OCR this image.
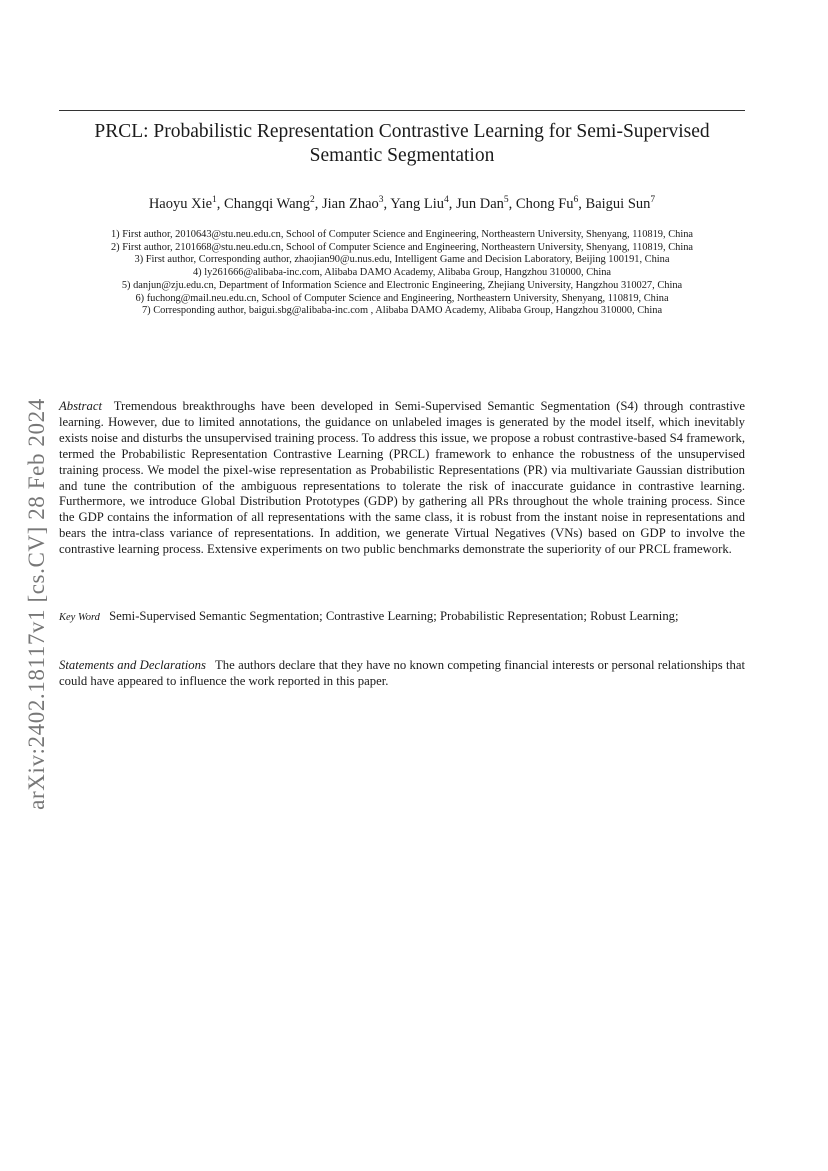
arXiv:2402.18117v1 [cs.CV] 28 Feb 2024
PRCL: Probabilistic Representation Contrastive Learning for Semi-Supervised Semantic Segmentation
Haoyu Xie$^1$, Changqi Wang$^2$, Jian Zhao$^3$, Yang Liu$^4$, Jun Dan$^5$, Chong Fu$^6$, Baigui Sun$^7$
1) First author, 2010643@stu.neu.edu.cn, School of Computer Science and Engineering, Northeastern University, Shenyang, 110819, China
2) First author, 2101668@stu.neu.edu.cn, School of Computer Science and Engineering, Northeastern University, Shenyang, 110819, China
3) First author, Corresponding author, zhaojian90@u.nus.edu, Intelligent Game and Decision Laboratory, Beijing 100191, China
4) ly261666@alibaba-inc.com, Alibaba DAMO Academy, Alibaba Group, Hangzhou 310000, China
5) danjun@zju.edu.cn, Department of Information Science and Electronic Engineering, Zhejiang University, Hangzhou 310027, China
6) fuchong@mail.neu.edu.cn, School of Computer Science and Engineering, Northeastern University, Shenyang, 110819, China
7) Corresponding author, baigui.sbg@alibaba-inc.com , Alibaba DAMO Academy, Alibaba Group, Hangzhou 310000, China
Abstract Tremendous breakthroughs have been developed in Semi-Supervised Semantic Segmentation (S4) through contrastive learning. However, due to limited annotations, the guidance on unlabeled images is generated by the model itself, which inevitably exists noise and disturbs the unsupervised training process. To address this issue, we propose a robust contrastive-based S4 framework, termed the Probabilistic Representation Contrastive Learning (PRCL) framework to enhance the robustness of the unsupervised training process. We model the pixel-wise representation as Probabilistic Representations (PR) via multivariate Gaussian distribution and tune the contribution of the ambiguous representations to tolerate the risk of inaccurate guidance in contrastive learning. Furthermore, we introduce Global Distribution Prototypes (GDP) by gathering all PRs throughout the whole training process. Since the GDP contains the information of all representations with the same class, it is robust from the instant noise in representations and bears the intra-class variance of representations. In addition, we generate Virtual Negatives (VNs) based on GDP to involve the contrastive learning process. Extensive experiments on two public benchmarks demonstrate the superiority of our PRCL framework.
Key Word Semi-Supervised Semantic Segmentation; Contrastive Learning; Probabilistic Representation; Robust Learning;
Statements and Declarations The authors declare that they have no known competing financial interests or personal relationships that could have appeared to influence the work reported in this paper.
